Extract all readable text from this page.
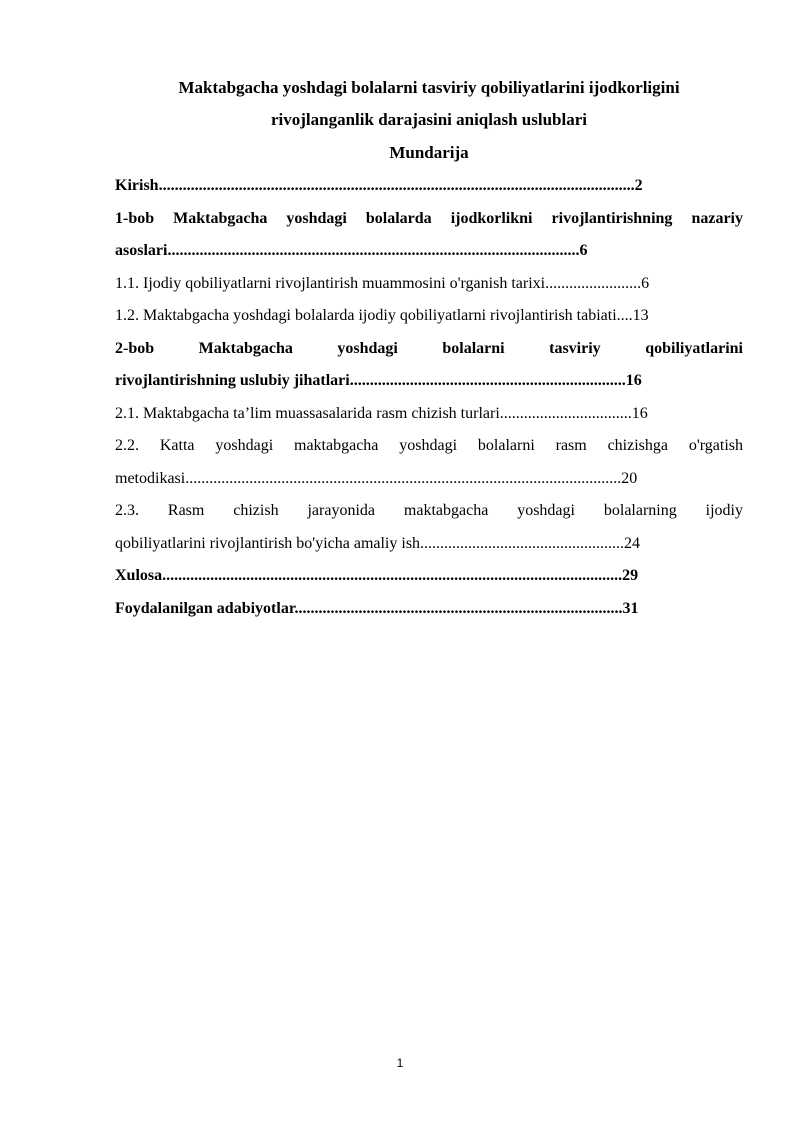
Maktabgacha yoshdagi bolalarni tasviriy qobiliyatlarini ijodkorligini

rivojlanganlik darajasini aniqlash uslublari

Mundarija

Kirish.......................................................................................................................2
1-bob Maktabgacha yoshdagi bolalarda ijodkorlikni rivojlantirishning nazariy
asoslari.......................................................................................................6
1.1. Ijodiy qobiliyatlarni rivojlantirish muammosini o'rganish tarixi........................6
1.2. Maktabgacha yoshdagi bolalarda ijodiy qobiliyatlarni rivojlantirish tabiati....13
2-bob Maktabgacha yoshdagi bolalarni tasviriy qobiliyatlarini
rivojlantirishning uslubiy jihatlari.....................................................................16
2.1. Maktabgacha ta’lim muassasalarida rasm chizish turlari.................................16
2.2. Katta yoshdagi maktabgacha yoshdagi bolalarni rasm chizishga o'rgatish
metodikasi.............................................................................................................20
2.3. Rasm chizish jarayonida maktabgacha yoshdagi bolalarning ijodiy
qobiliyatlarini rivojlantirish bo'yicha amaliy ish...................................................24
Xulosa...................................................................................................................29
Foydalanilgan adabiyotlar..................................................................................31
1
